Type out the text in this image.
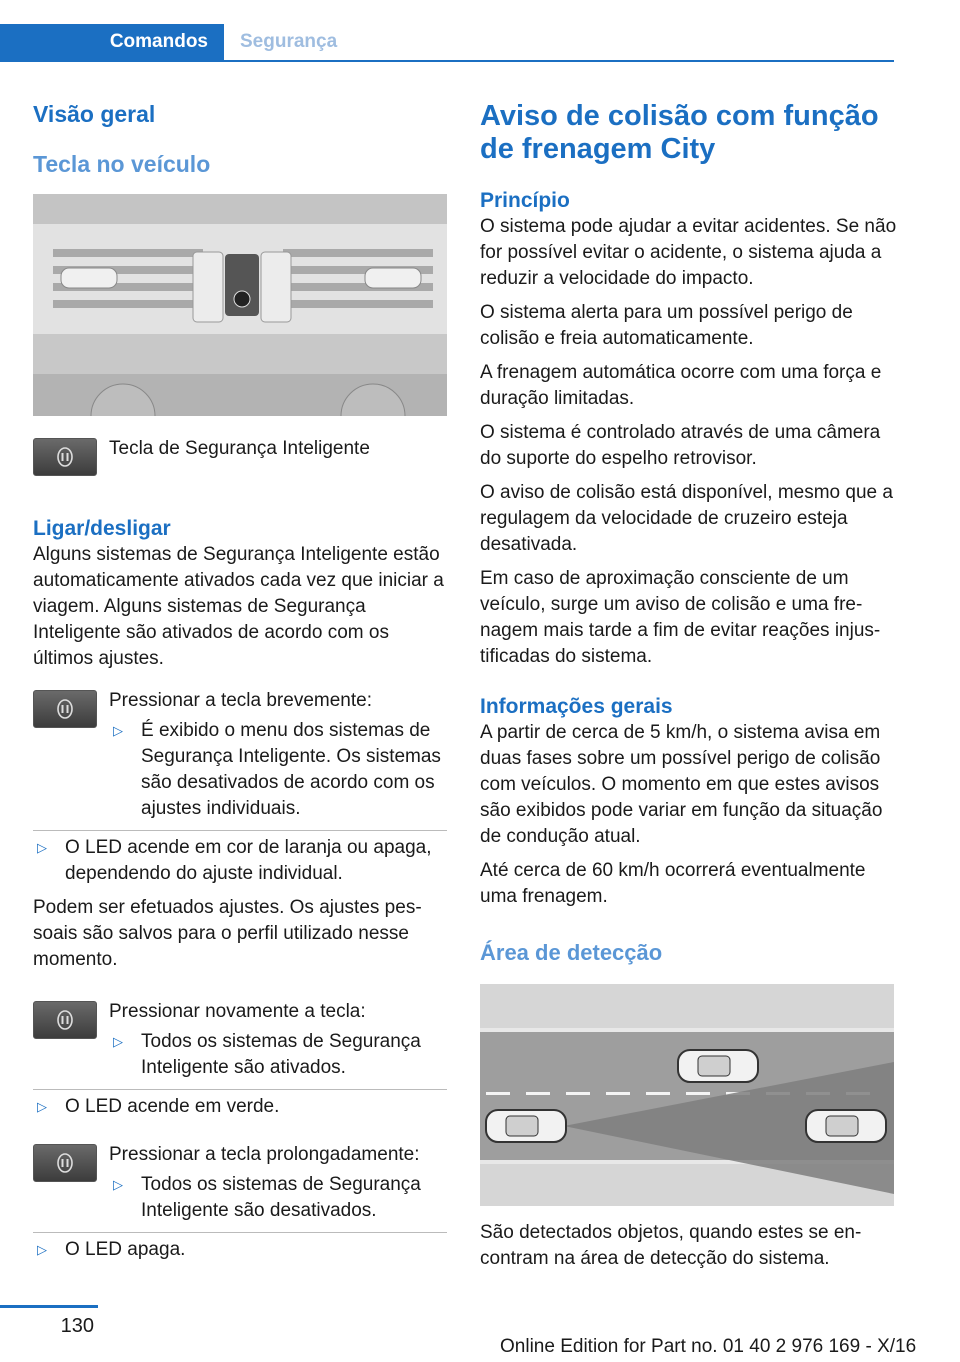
Comandos	Segurança
Visão geral
Tecla no veículo

Tecla de Segurança Inteligente

Ligar/desligar

Alguns sistemas de Segurança Inteligente estão automaticamente ativados cada vez que iniciar a viagem. Alguns sistemas de Segurança Inteligente são ativados de acordo com os últimos ajustes.

Pressionar a tecla brevemente:

▷ É exibido o menu dos sistemas de Segurança Inteligente. Os sistemas são desativados de acordo com os ajustes individuais.

▷ O LED acende em cor de laranja ou apaga, dependendo do ajuste individual.

Podem ser efetuados ajustes. Os ajustes pessoais são salvos para o perfil utilizado nesse momento.

Pressionar novamente a tecla:

▷ Todos os sistemas de Segurança Inteligente são ativados.

▷ O LED acende em verde.

Pressionar a tecla prolongadamente:

▷ Todos os sistemas de Segurança Inteligente são desativados.

▷ O LED apaga.

Aviso de colisão com função de frenagem City
Princípio

O sistema pode ajudar a evitar acidentes. Se não for possível evitar o acidente, o sistema ajuda a reduzir a velocidade do impacto.

O sistema alerta para um possível perigo de colisão e freia automaticamente.

A frenagem automática ocorre com uma força e duração limitadas.

O sistema é controlado através de uma câmera do suporte do espelho retrovisor.

O aviso de colisão está disponível, mesmo que a regulagem da velocidade de cruzeiro esteja desativada.

Em caso de aproximação consciente de um veículo, surge um aviso de colisão e uma frenagem mais tarde a fim de evitar reações injustificadas do sistema.

Informações gerais

A partir de cerca de 5 km/h, o sistema avisa em duas fases sobre um possível perigo de colisão com veículos. O momento em que estes avisos são exibidos pode variar em função da situação de condução atual.

Até cerca de 60 km/h ocorrerá eventualmente uma frenagem.

Área de detecção

São detectados objetos, quando estes se encontram na área de detecção do sistema.

130
Online Edition for Part no. 01 40 2 976 169 - X/16
